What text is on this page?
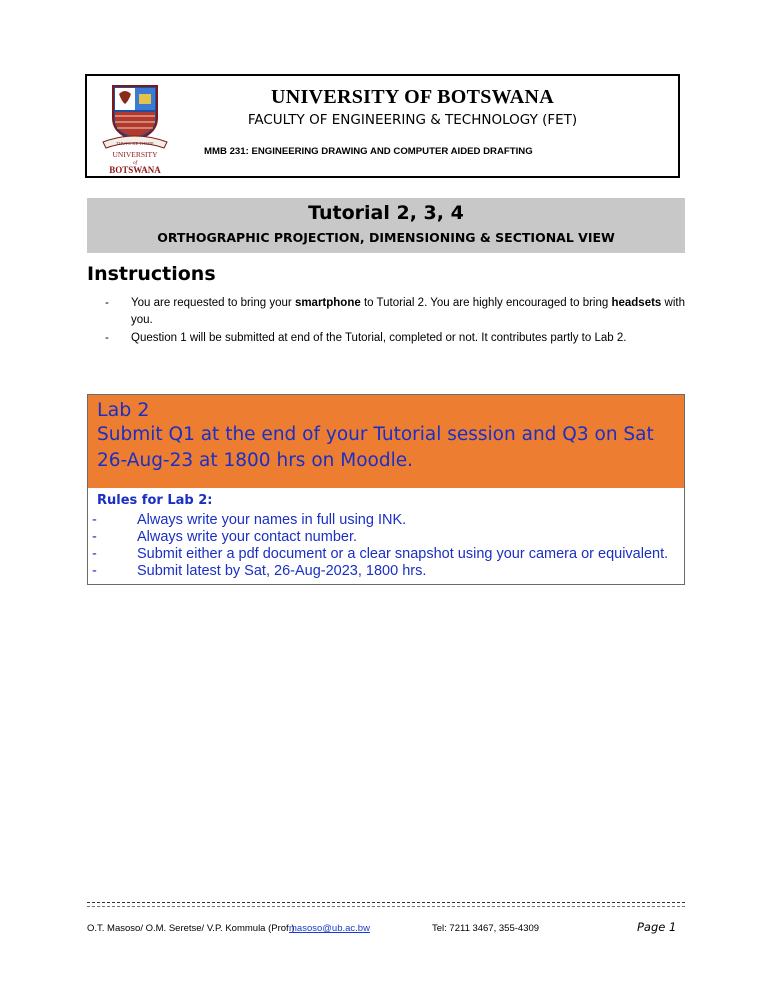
THUTO KE THEBE
UNIVERSITY
of
BOTSWANA
UNIVERSITY OF BOTSWANA
FACULTY OF ENGINEERING & TECHNOLOGY (FET)
MMB 231: ENGINEERING DRAWING AND COMPUTER AIDED DRAFTING
Tutorial 2, 3, 4
ORTHOGRAPHIC PROJECTION, DIMENSIONING & SECTIONAL VIEW
Instructions
-	You are requested to bring your smartphone to Tutorial 2. You are highly encouraged to bring headsets with you.
-	Question 1 will be submitted at end of the Tutorial, completed or not. It contributes partly to Lab 2.
Lab 2
Submit Q1 at the end of your Tutorial session and Q3 on Sat 26-Aug-23 at 1800 hrs on Moodle.
Rules for Lab 2:
-	Always write your names in full using INK.
-	Always write your contact number.
-	Submit either a pdf document or a clear snapshot using your camera or equivalent.
-	Submit latest by Sat, 26-Aug-2023, 1800 hrs.
O.T. Masoso/ O.M. Seretse/ V.P. Kommula (Prof.)
masoso@ub.ac.bw	Tel: 7211 3467, 355-4309	Page 1
